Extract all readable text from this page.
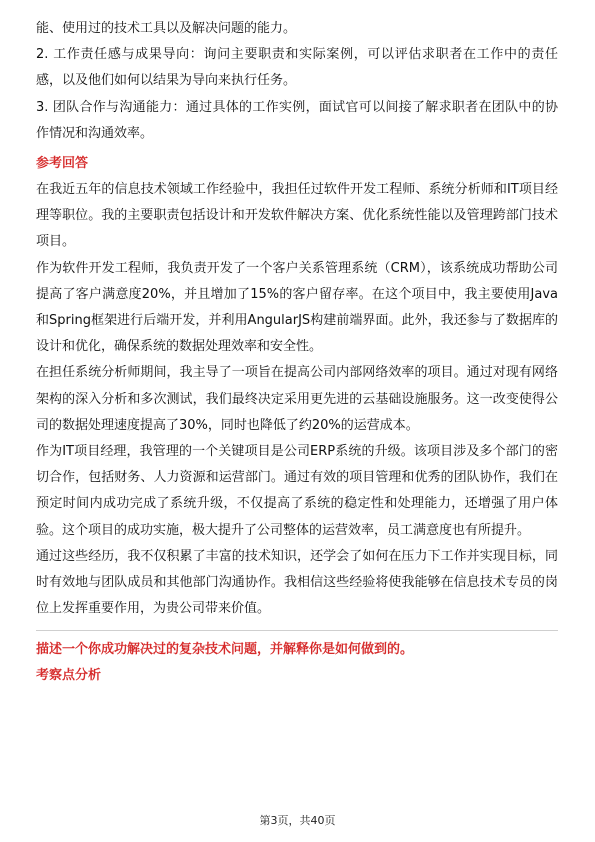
能、使用过的技术工具以及解决问题的能力。

2. 工作责任感与成果导向：询问主要职责和实际案例，可以评估求职者在工作中的责任感，以及他们如何以结果为导向来执行任务。

3. 团队合作与沟通能力：通过具体的工作实例，面试官可以间接了解求职者在团队中的协作情况和沟通效率。

参考回答

在我近五年的信息技术领域工作经验中，我担任过软件开发工程师、系统分析师和IT项目经理等职位。我的主要职责包括设计和开发软件解决方案、优化系统性能以及管理跨部门技术项目。

作为软件开发工程师，我负责开发了一个客户关系管理系统（CRM），该系统成功帮助公司提高了客户满意度20%，并且增加了15%的客户留存率。在这个项目中，我主要使用Java和Spring框架进行后端开发，并利用AngularJS构建前端界面。此外，我还参与了数据库的设计和优化，确保系统的数据处理效率和安全性。

在担任系统分析师期间，我主导了一项旨在提高公司内部网络效率的项目。通过对现有网络架构的深入分析和多次测试，我们最终决定采用更先进的云基础设施服务。这一改变使得公司的数据处理速度提高了30%，同时也降低了约20%的运营成本。

作为IT项目经理，我管理的一个关键项目是公司ERP系统的升级。该项目涉及多个部门的密切合作，包括财务、人力资源和运营部门。通过有效的项目管理和优秀的团队协作，我们在预定时间内成功完成了系统升级，不仅提高了系统的稳定性和处理能力，还增强了用户体验。这个项目的成功实施，极大提升了公司整体的运营效率，员工满意度也有所提升。

通过这些经历，我不仅积累了丰富的技术知识，还学会了如何在压力下工作并实现目标，同时有效地与团队成员和其他部门沟通协作。我相信这些经验将使我能够在信息技术专员的岗位上发挥重要作用，为贵公司带来价值。

描述一个你成功解决过的复杂技术问题，并解释你是如何做到的。

考察点分析

第3页，共40页
